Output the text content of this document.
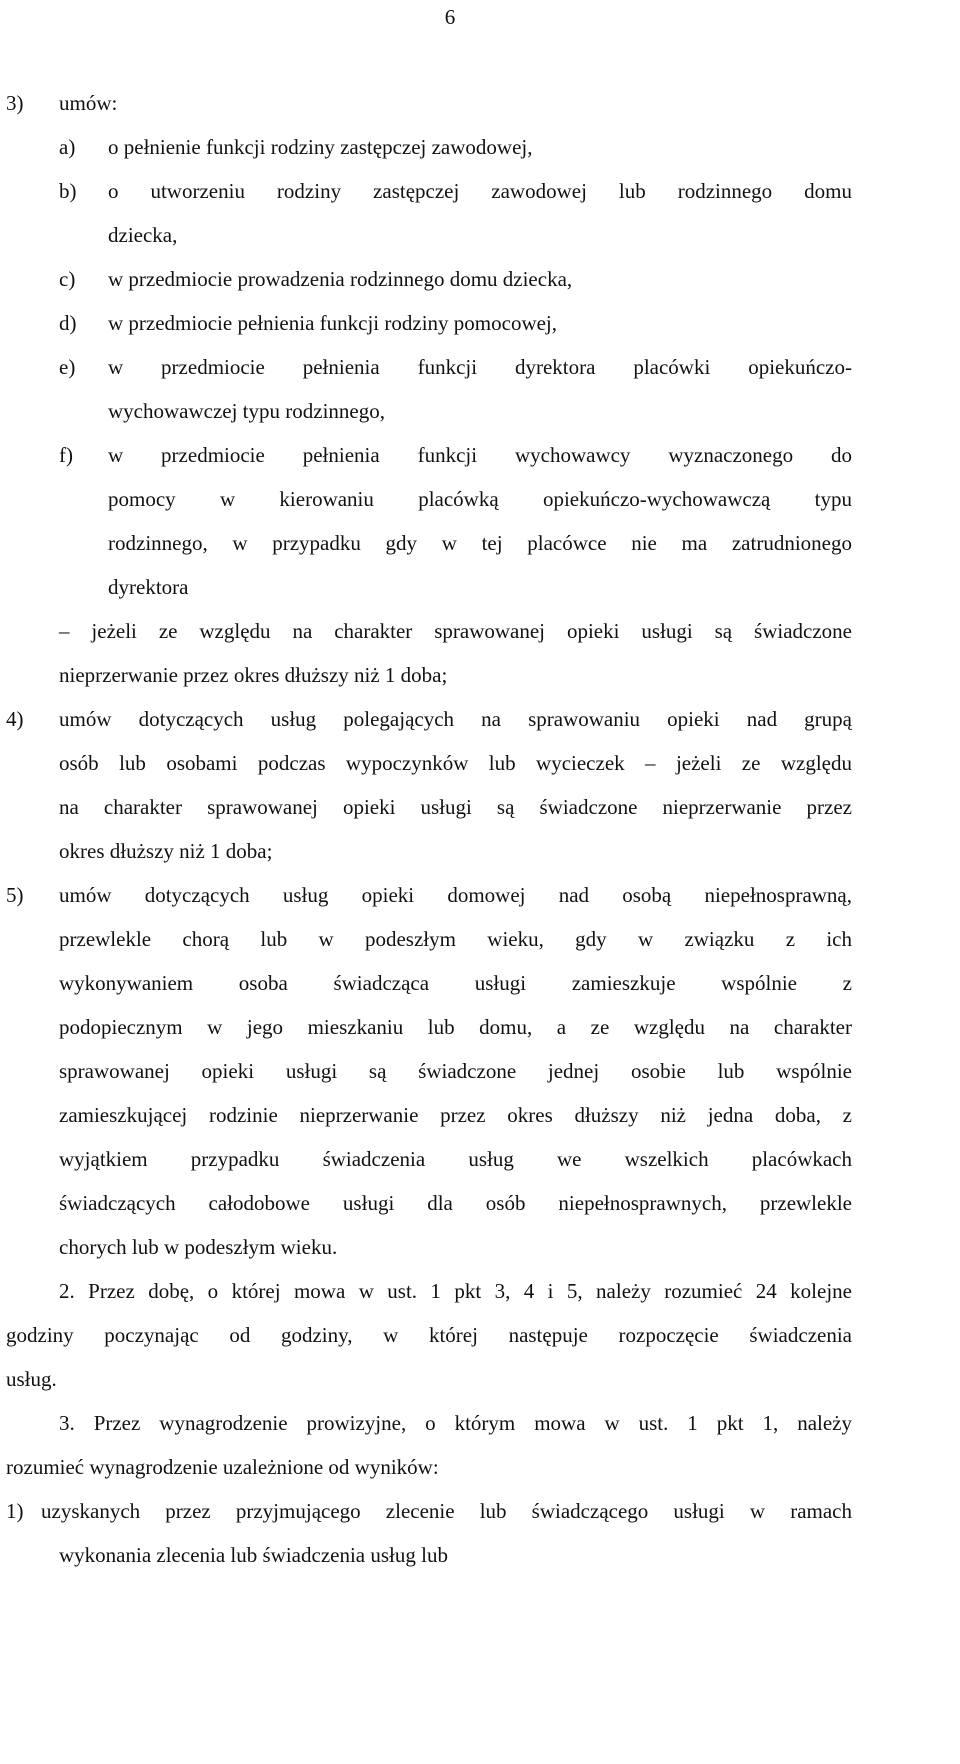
6
3) umów:
a) o pełnienie funkcji rodziny zastępczej zawodowej,
b) o utworzeniu rodziny zastępczej zawodowej lub rodzinnego domu
dziecka,
c) w przedmiocie prowadzenia rodzinnego domu dziecka,
d) w przedmiocie pełnienia funkcji rodziny pomocowej,
e) w przedmiocie pełnienia funkcji dyrektora placówki opiekuńczo-
wychowawczej typu rodzinnego,
f) w przedmiocie pełnienia funkcji wychowawcy wyznaczonego do
pomocy w kierowaniu placówką opiekuńczo-wychowawczą typu
rodzinnego, w przypadku gdy w tej placówce nie ma zatrudnionego
dyrektora
– jeżeli ze względu na charakter sprawowanej opieki usługi są świadczone
nieprzerwanie przez okres dłuższy niż 1 doba;
4) umów dotyczących usług polegających na sprawowaniu opieki nad grupą
osób lub osobami podczas wypoczynków lub wycieczek – jeżeli ze względu
na charakter sprawowanej opieki usługi są świadczone nieprzerwanie przez
okres dłuższy niż 1 doba;
5) umów dotyczących usług opieki domowej nad osobą niepełnosprawną,
przewlekle chorą lub w podeszłym wieku, gdy w związku z ich
wykonywaniem osoba świadcząca usługi zamieszkuje wspólnie z
podopiecznym w jego mieszkaniu lub domu, a ze względu na charakter
sprawowanej opieki usługi są świadczone jednej osobie lub wspólnie
zamieszkującej rodzinie nieprzerwanie przez okres dłuższy niż jedna doba, z
wyjątkiem przypadku świadczenia usług we wszelkich placówkach
świadczących całodobowe usługi dla osób niepełnosprawnych, przewlekle
chorych lub w podeszłym wieku.
2. Przez dobę, o której mowa w ust. 1 pkt 3, 4 i 5, należy rozumieć 24 kolejne
godziny poczynając od godziny, w której następuje rozpoczęcie świadczenia
usług.
3. Przez wynagrodzenie prowizyjne, o którym mowa w ust. 1 pkt 1, należy
rozumieć wynagrodzenie uzależnione od wyników:
1) uzyskanych przez przyjmującego zlecenie lub świadczącego usługi w ramach
wykonania zlecenia lub świadczenia usług lub
